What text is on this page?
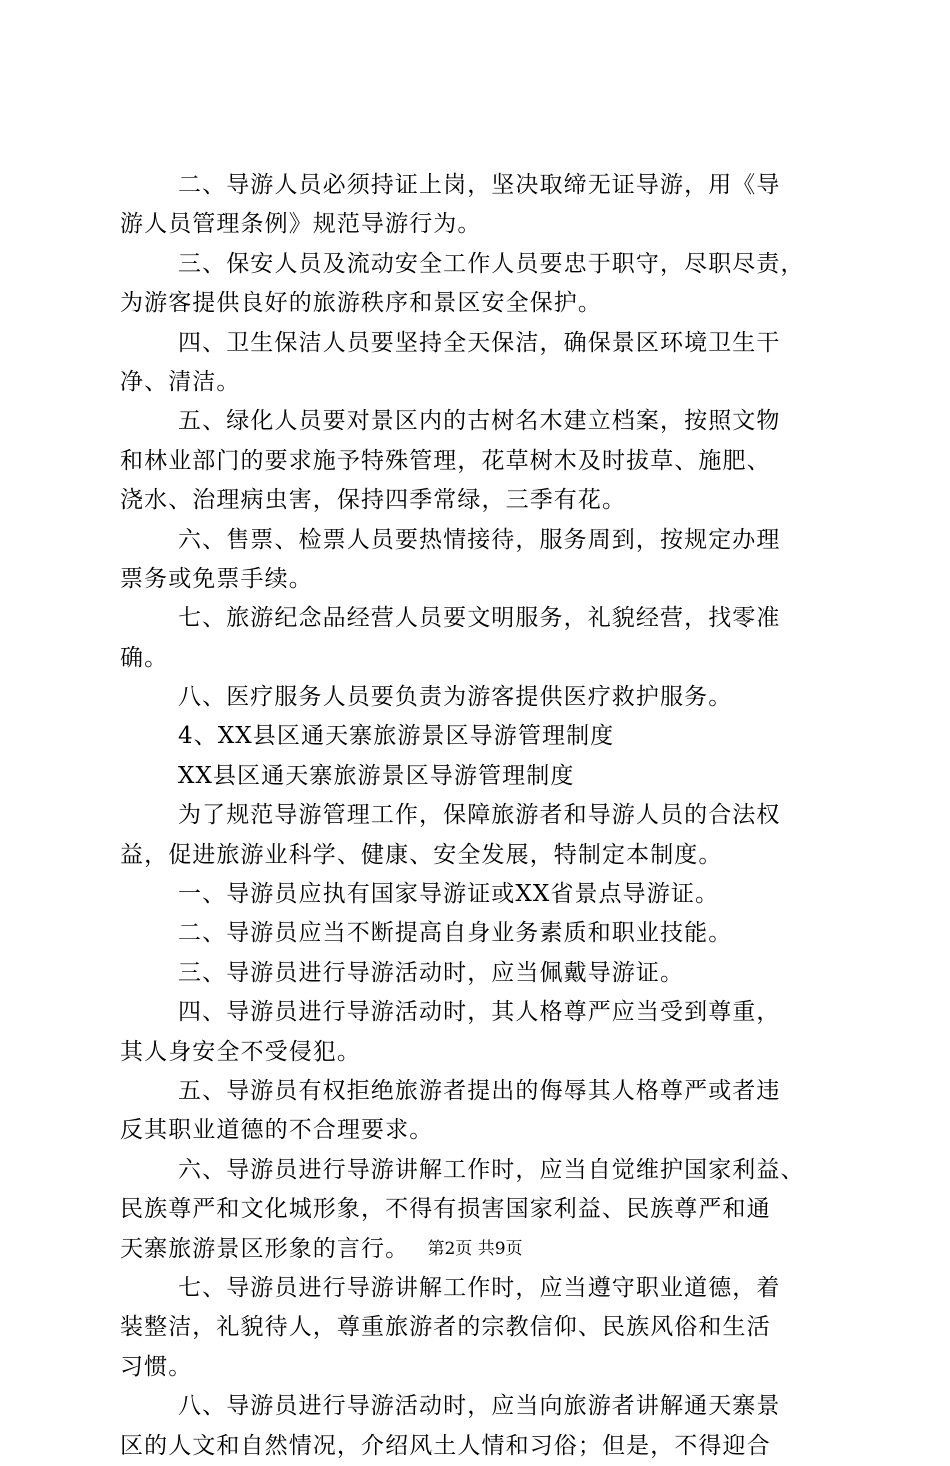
二、导游人员必须持证上岗，坚决取缔无证导游，用《导
游人员管理条例》规范导游行为。
三、保安人员及流动安全工作人员要忠于职守，尽职尽责，
为游客提供良好的旅游秩序和景区安全保护。
四、卫生保洁人员要坚持全天保洁，确保景区环境卫生干
净、清洁。
五、绿化人员要对景区内的古树名木建立档案，按照文物
和林业部门的要求施予特殊管理，花草树木及时拔草、施肥、
浇水、治理病虫害，保持四季常绿，三季有花。
六、售票、检票人员要热情接待，服务周到，按规定办理
票务或免票手续。
七、旅游纪念品经营人员要文明服务，礼貌经营，找零准
确。
八、医疗服务人员要负责为游客提供医疗救护服务。
4、XX县区通天寨旅游景区导游管理制度
XX县区通天寨旅游景区导游管理制度
为了规范导游管理工作，保障旅游者和导游人员的合法权
益，促进旅游业科学、健康、安全发展，特制定本制度。
一、导游员应执有国家导游证或XX省景点导游证。
二、导游员应当不断提高自身业务素质和职业技能。
三、导游员进行导游活动时，应当佩戴导游证。
四、导游员进行导游活动时，其人格尊严应当受到尊重，
其人身安全不受侵犯。
五、导游员有权拒绝旅游者提出的侮辱其人格尊严或者违
反其职业道德的不合理要求。
六、导游员进行导游讲解工作时，应当自觉维护国家利益、
民族尊严和文化城形象，不得有损害国家利益、民族尊严和通
天寨旅游景区形象的言行。
七、导游员进行导游讲解工作时，应当遵守职业道德，着
装整洁，礼貌待人，尊重旅游者的宗教信仰、民族风俗和生活
习惯。
八、导游员进行导游活动时，应当向旅游者讲解通天寨景
区的人文和自然情况，介绍风土人情和习俗；但是，不得迎合
第2页 共9页
